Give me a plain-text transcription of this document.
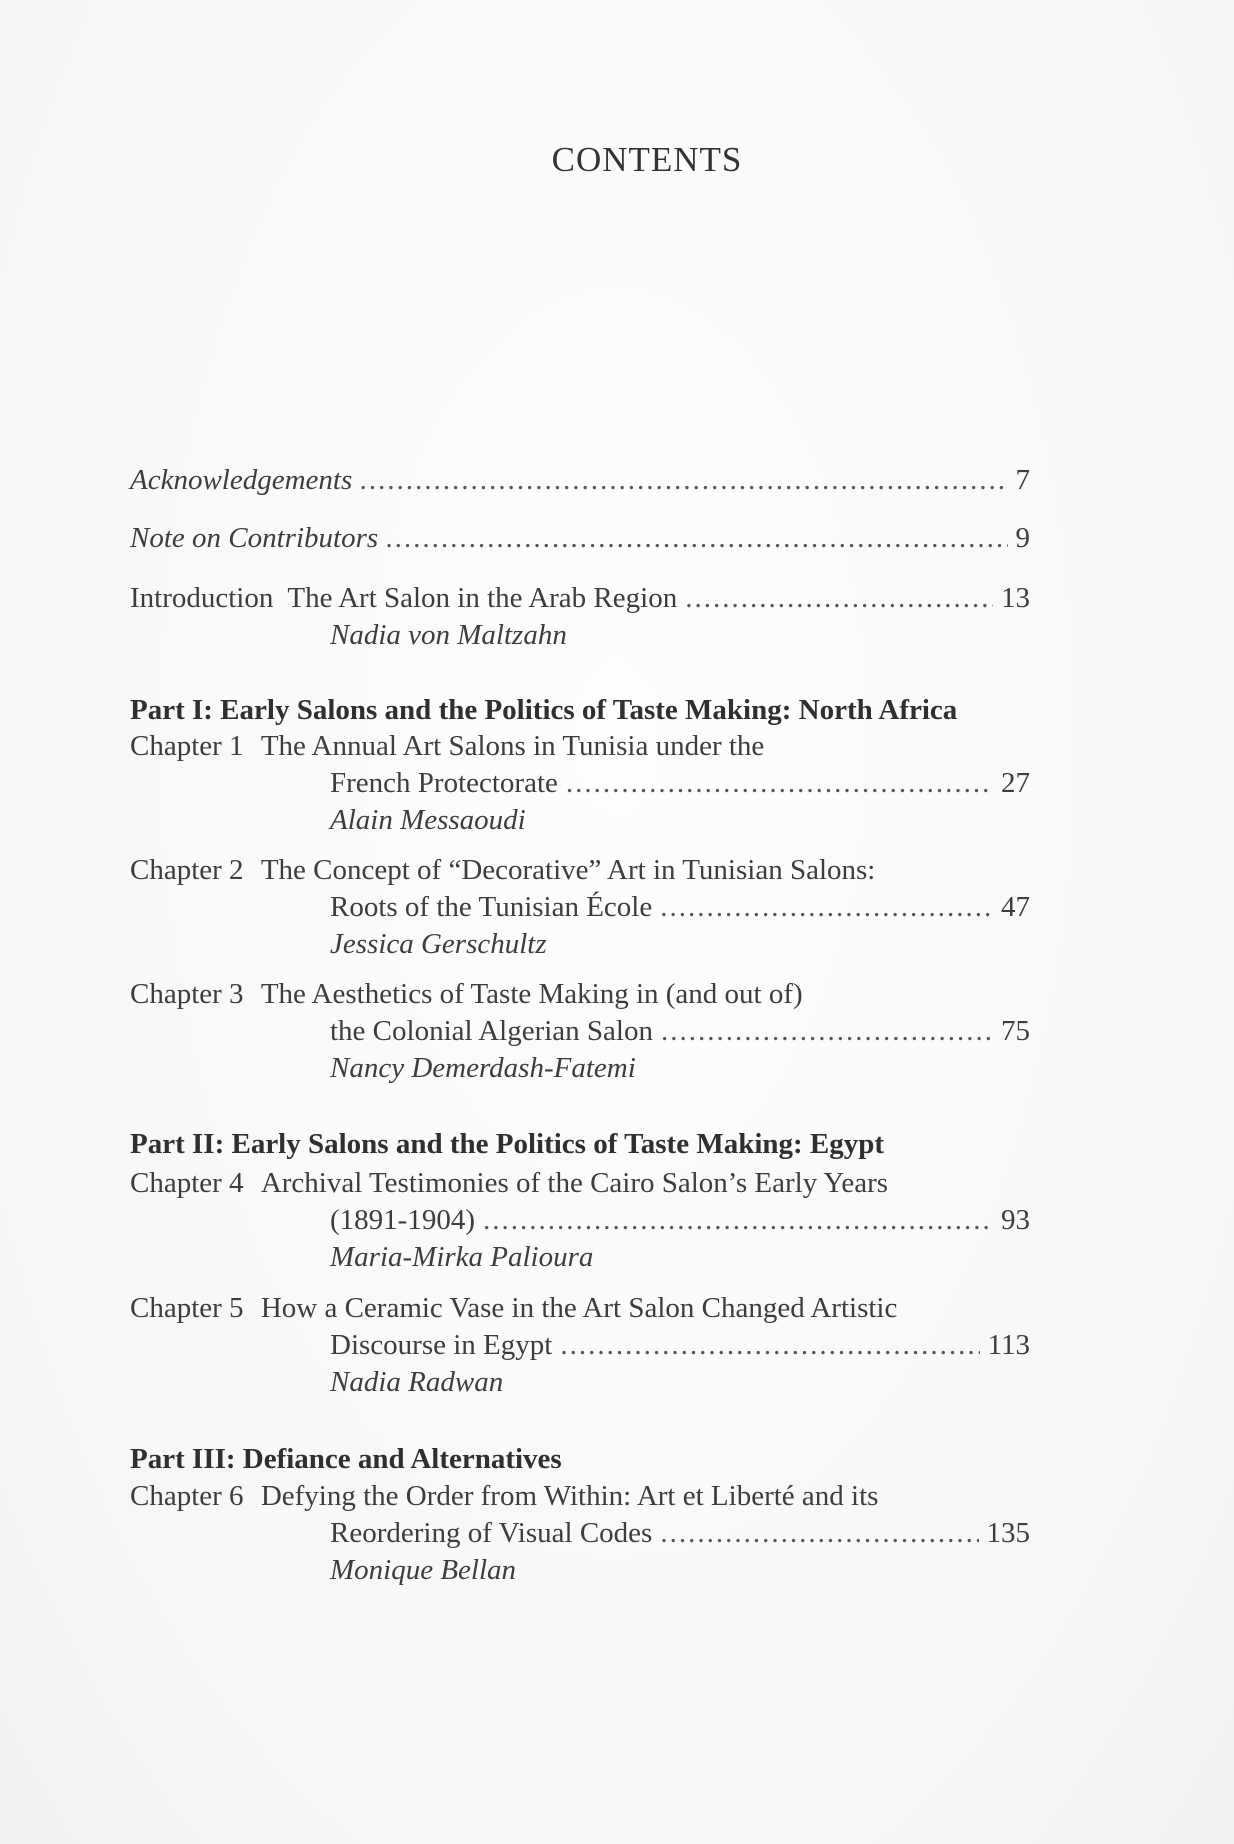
CONTENTS
Acknowledgements .....	7
Note on Contributors .....	9
Introduction The Art Salon in the Arab Region .....	13
Nadia von Maltzahn
Part I: Early Salons and the Politics of Taste Making: North Africa
Chapter 1 The Annual Art Salons in Tunisia under the
French Protectorate .....	27
Alain Messaoudi
Chapter 2 The Concept of “Decorative” Art in Tunisian Salons:
Roots of the Tunisian École .....	47
Jessica Gerschultz
Chapter 3 The Aesthetics of Taste Making in (and out of)
the Colonial Algerian Salon .....	75
Nancy Demerdash-Fatemi
Part II: Early Salons and the Politics of Taste Making: Egypt
Chapter 4 Archival Testimonies of the Cairo Salon’s Early Years
(1891-1904) .....	93
Maria-Mirka Palioura
Chapter 5 How a Ceramic Vase in the Art Salon Changed Artistic
Discourse in Egypt .....	113
Nadia Radwan
Part III: Defiance and Alternatives
Chapter 6 Defying the Order from Within: Art et Liberté and its
Reordering of Visual Codes .....	135
Monique Bellan
